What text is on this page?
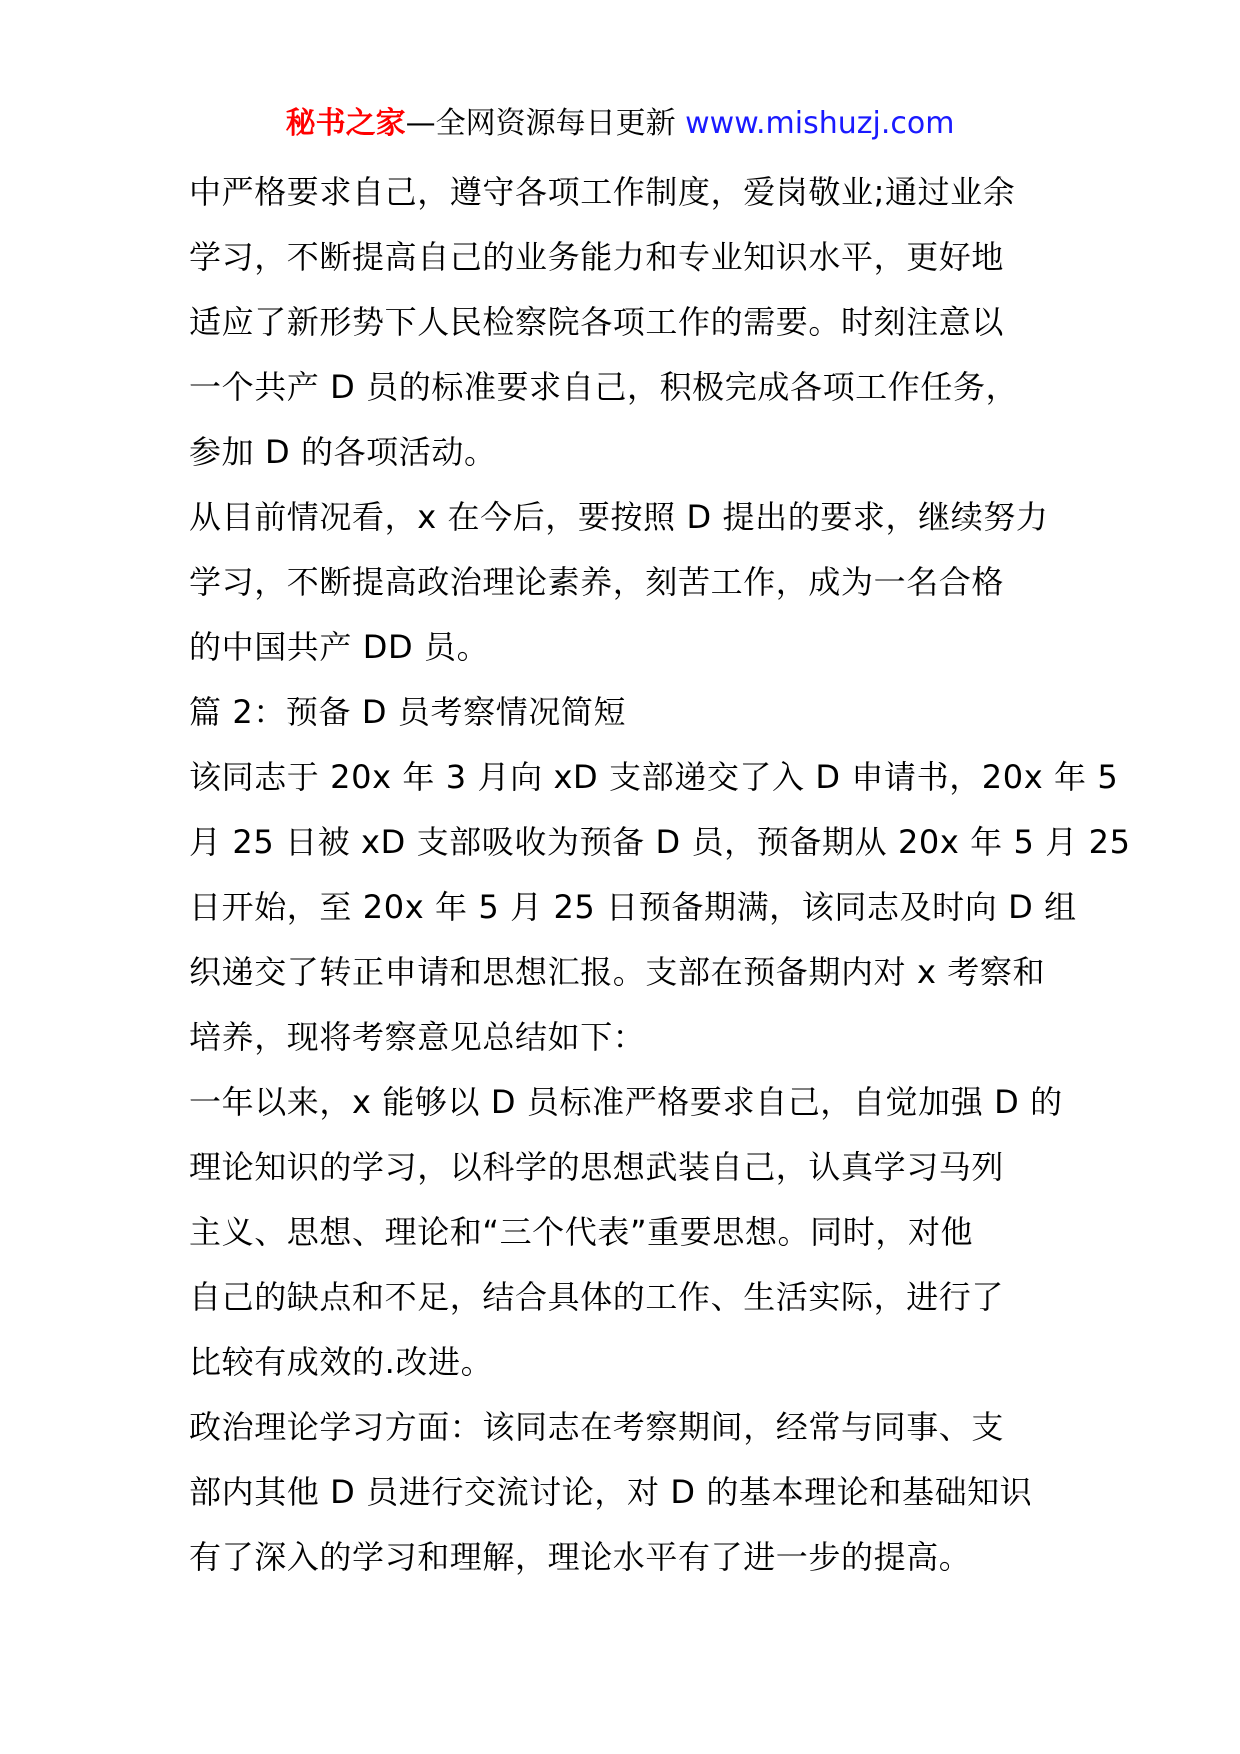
秘书之家—全网资源每日更新 www.mishuzj.com
中严格要求自己，遵守各项工作制度，爱岗敬业;通过业余
学习，不断提高自己的业务能力和专业知识水平，更好地
适应了新形势下人民检察院各项工作的需要。时刻注意以
一个共产 D 员的标准要求自己，积极完成各项工作任务，
参加 D 的各项活动。
从目前情况看，x 在今后，要按照 D 提出的要求，继续努力
学习，不断提高政治理论素养，刻苦工作，成为一名合格
的中国共产 DD 员。
篇 2：预备 D 员考察情况简短
该同志于 20x 年 3 月向 xD 支部递交了入 D 申请书，20x 年 5
月 25 日被 xD 支部吸收为预备 D 员，预备期从 20x 年 5 月 25
日开始，至 20x 年 5 月 25 日预备期满，该同志及时向 D 组
织递交了转正申请和思想汇报。支部在预备期内对 x 考察和
培养，现将考察意见总结如下：
一年以来，x 能够以 D 员标准严格要求自己，自觉加强 D 的
理论知识的学习，以科学的思想武装自己，认真学习马列
主义、思想、理论和“三个代表”重要思想。同时，对他
自己的缺点和不足，结合具体的工作、生活实际，进行了
比较有成效的.改进。
政治理论学习方面：该同志在考察期间，经常与同事、支
部内其他 D 员进行交流讨论，对 D 的基本理论和基础知识
有了深入的学习和理解，理论水平有了进一步的提高。
